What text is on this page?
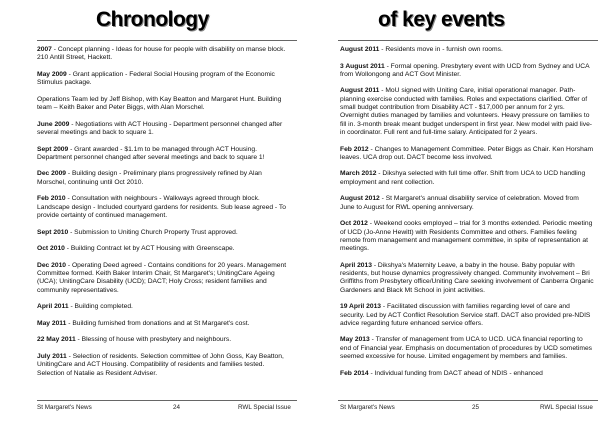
Chronology	of key events
2007 - Concept planning - Ideas for house for people with disability on manse block. 210 Antill Street, Hackett.
May 2009 - Grant application - Federal Social Housing program of the Economic Stimulus package.
Operations Team led by Jeff Bishop, with Kay Beatton and Margaret Hunt. Building team – Keith Baker and Peter Biggs, with Alan Morschel.
June 2009 - Negotiations with ACT Housing - Department personnel changed after several meetings and back to square 1.
Sept 2009 - Grant awarded - $1.1m to be managed through ACT Housing. Department personnel changed after several meetings and back to square 1!
Dec 2009 - Building design - Preliminary plans progressively refined by Alan Morschel, continuing until Oct 2010.
Feb 2010 - Consultation with neighbours - Walkways agreed through block. Landscape design - Included courtyard gardens for residents. Sub lease agreed - To provide certainty of continued management.
Sept 2010 - Submission to Uniting Church Property Trust approved.
Oct 2010 - Building Contract let by ACT Housing with Greenscape.
Dec 2010 - Operating Deed agreed - Contains conditions for 20 years. Management Committee formed. Keith Baker Interim Chair, St Margaret's; UnitingCare Ageing (UCA); UnitingCare Disability (UCD); DACT; Holy Cross; resident families and community representatives.
April 2011 - Building completed.
May 2011 - Building furnished from donations and at St Margaret's cost.
22 May 2011 - Blessing of house with presbytery and neighbours.
July 2011 - Selection of residents. Selection committee of John Goss, Kay Beatton, UnitingCare and ACT Housing. Compatibility of residents and families tested. Selection of Natalie as Resident Adviser.
August 2011 - Residents move in - furnish own rooms.
3 August 2011 - Formal opening. Presbytery event with UCD from Sydney and UCA from Wollongong and ACT Govt Minister.
August 2011 - MoU signed with Uniting Care, initial operational manager. Path-planning exercise conducted with families. Roles and expectations clarified. Offer of small budget contribution from Disability ACT - $17,000 per annum for 2 yrs. Overnight duties managed by families and volunteers. Heavy pressure on families to fill in. 3-month break meant budget underspent in first year. New model with paid live-in coordinator. Full rent and full-time salary. Anticipated for 2 years.
Feb 2012 - Changes to Management Committee. Peter Biggs as Chair. Ken Horsham leaves. UCA drop out. DACT become less involved.
March 2012 - Dikshya selected with full time offer. Shift from UCA to UCD handling employment and rent collection.
August 2012 - St Margaret's annual disability service of celebration. Moved from June to August for RWL opening anniversary.
Oct 2012 - Weekend cooks employed – trial for 3 months extended. Periodic meeting of UCD (Jo-Anne Hewitt) with Residents Committee and others. Families feeling remote from management and management committee, in spite of representation at meetings.
April 2013 - Dikshya's Maternity Leave, a baby in the house. Baby popular with residents, but house dynamics progressively changed. Community involvement – Bri Griffiths from Presbytery office/Uniting Care seeking involvement of Canberra Organic Gardeners and Black Mt School in joint activities.
19 April 2013 - Facilitated discussion with families regarding level of care and security. Led by ACT Conflict Resolution Service staff. DACT also provided pre-NDIS advice regarding future enhanced service offers.
May 2013 - Transfer of management from UCA to UCD. UCA financial reporting to end of Financial year. Emphasis on documentation of procedures by UCD sometimes seemed excessive for house. Limited engagement by members and families.
Feb 2014 - Individual funding from DACT ahead of NDIS - enhanced
St Margaret's News	24	RWL Special Issue	St Margaret's News	25	RWL Special Issue
